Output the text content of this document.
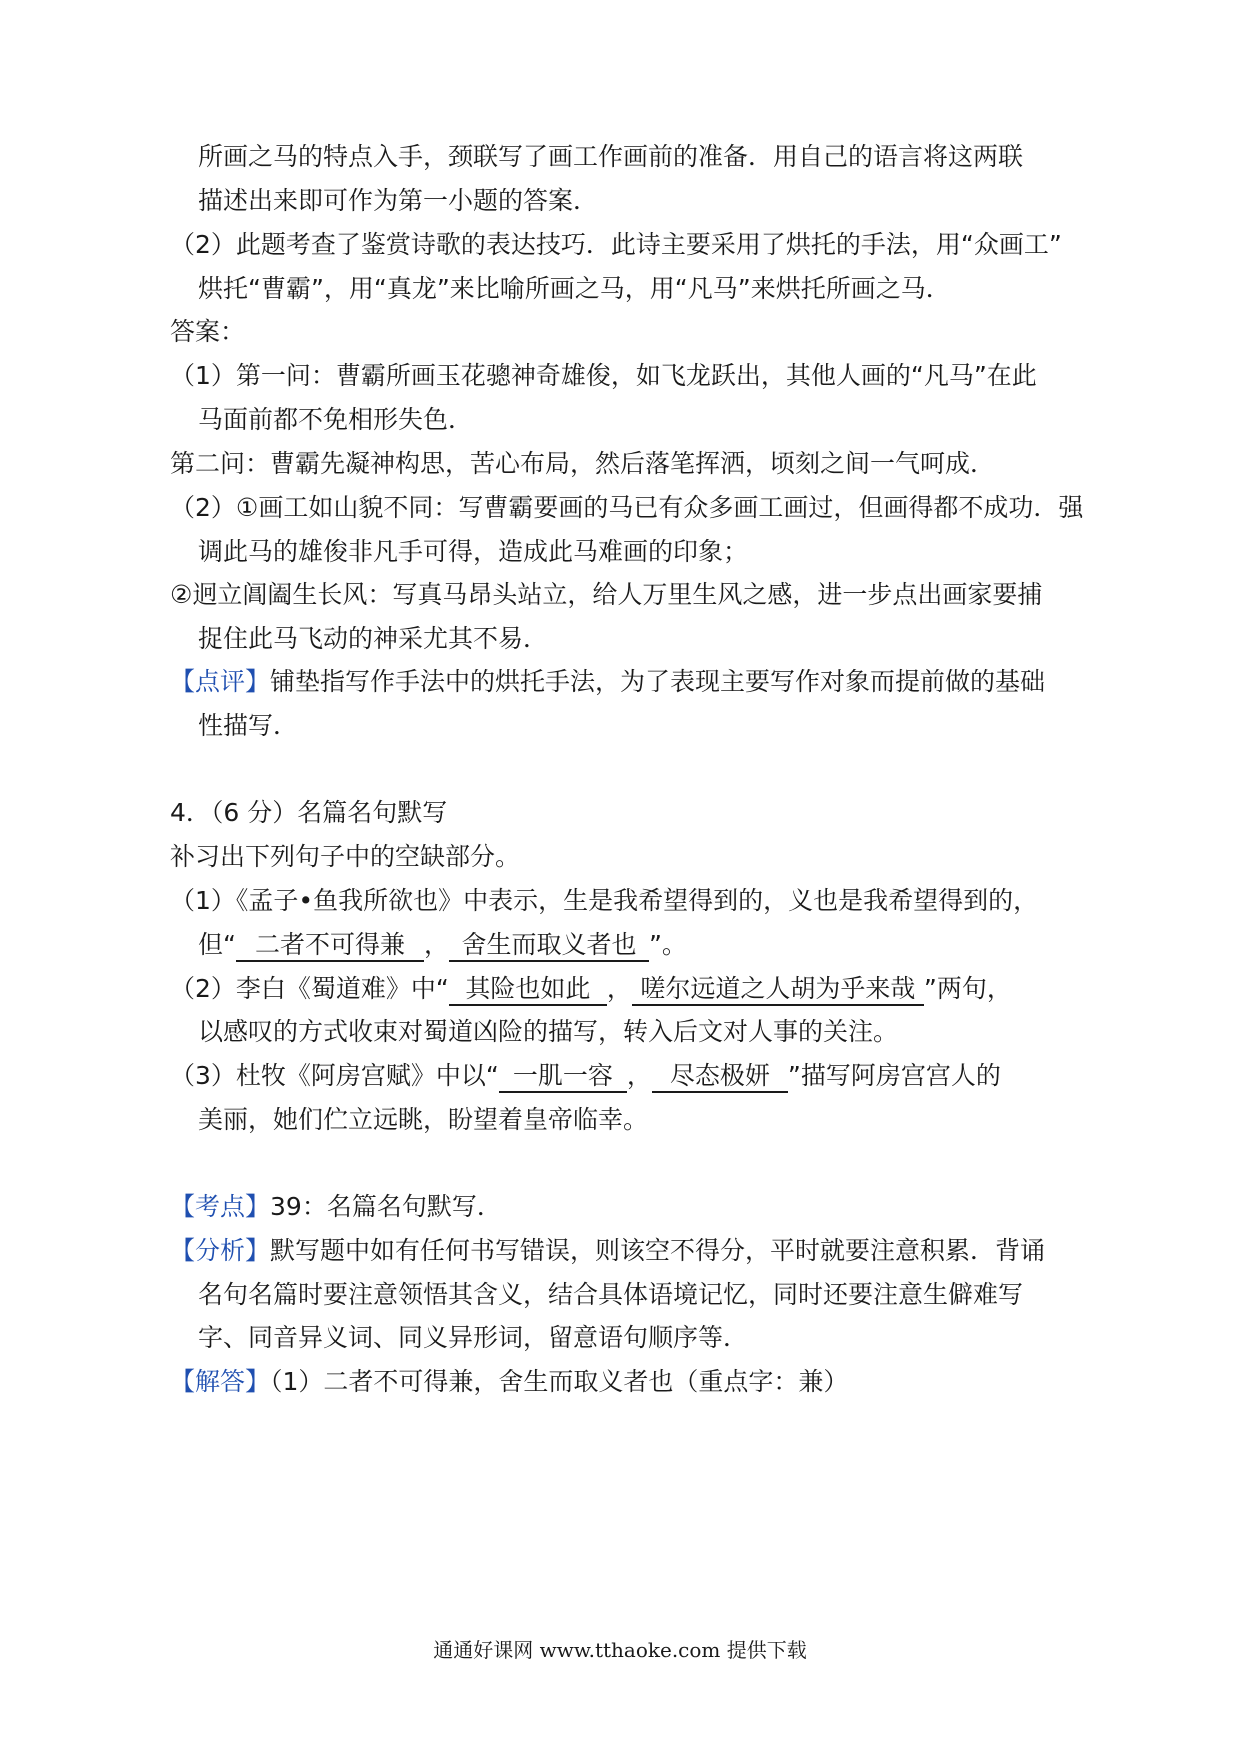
所画之马的特点入手，颈联写了画工作画前的准备．用自己的语言将这两联
描述出来即可作为第一小题的答案．
（2）此题考查了鉴赏诗歌的表达技巧．此诗主要采用了烘托的手法，用“众画工”
烘托“曹霸”，用“真龙”来比喻所画之马，用“凡马”来烘托所画之马．
答案：
（1）第一问：曹霸所画玉花骢神奇雄俊，如飞龙跃出，其他人画的“凡马”在此
马面前都不免相形失色．
第二问：曹霸先凝神构思，苦心布局，然后落笔挥洒，顷刻之间一气呵成．
（2）①画工如山貌不同：写曹霸要画的马已有众多画工画过，但画得都不成功．强
调此马的雄俊非凡手可得，造成此马难画的印象；
②迥立阊阖生长风：写真马昂头站立，给人万里生风之感，进一步点出画家要捕
捉住此马飞动的神采尤其不易．
【点评】铺垫指写作手法中的烘托手法，为了表现主要写作对象而提前做的基础
性描写．
4．（6 分）名篇名句默写
补习出下列句子中的空缺部分。
（1）《孟子•鱼我所欲也》中表示，生是我希望得到的，义也是我希望得到的，
但“ 二者不可得兼 ， 舍生而取义者也 ”。
（2）李白《蜀道难》中“ 其险也如此 ， 嗟尔远道之人胡为乎来哉 ”两句，
以感叹的方式收束对蜀道凶险的描写，转入后文对人事的关注。
（3）杜牧《阿房宫赋》中以“ 一肌一容 ， 尽态极妍 ”描写阿房宫宫人的
美丽，她们伫立远眺，盼望着皇帝临幸。
【考点】39：名篇名句默写．
【分析】默写题中如有任何书写错误，则该空不得分，平时就要注意积累．背诵
名句名篇时要注意领悟其含义，结合具体语境记忆，同时还要注意生僻难写
字、同音异义词、同义异形词，留意语句顺序等．
【解答】（1）二者不可得兼，舍生而取义者也（重点字：兼）
通通好课网 www.tthaoke.com 提供下载
